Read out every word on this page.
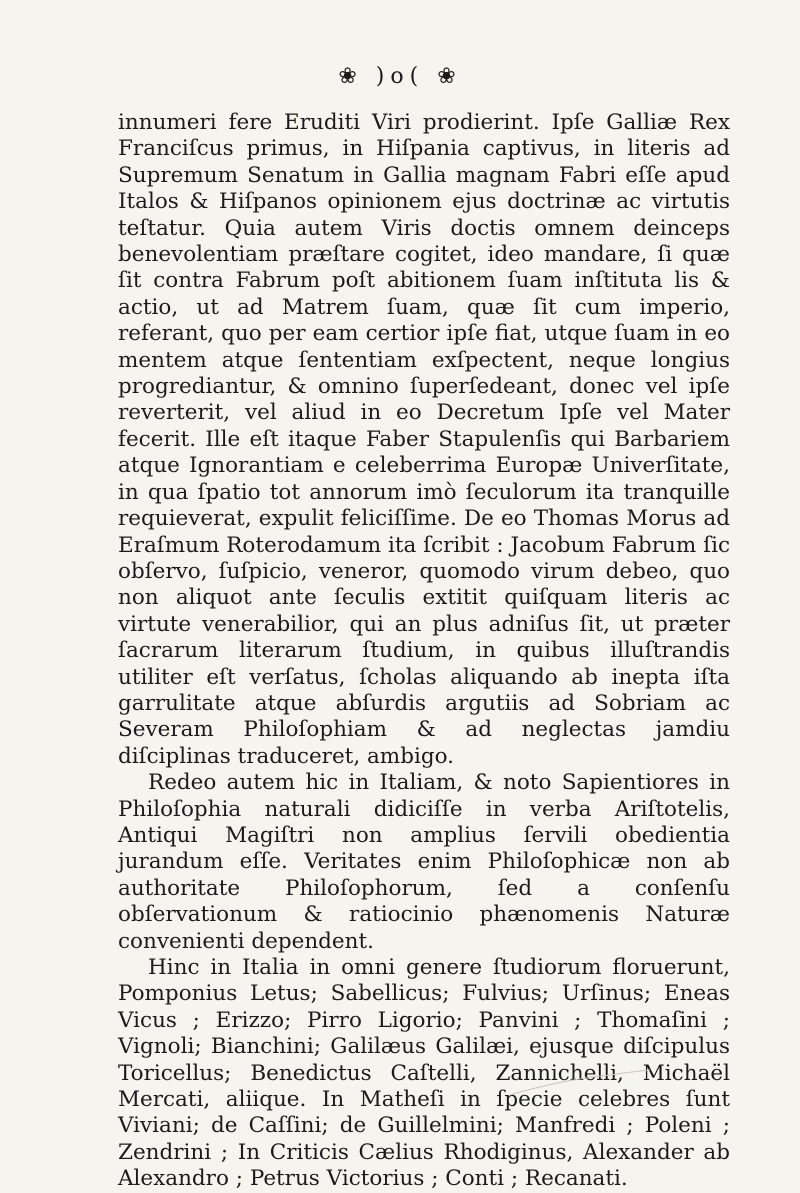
❀ )o( ❀

innumeri fere Eruditi Viri prodierint. Ipſe Galliæ Rex Franciſcus primus, in Hiſpania captivus, in literis ad Supremum Senatum in Gallia magnam Fabri eſſe apud Italos & Hiſpanos opinionem ejus doctrinæ ac virtutis teſtatur. Quia autem Viris doctis omnem deinceps benevolentiam præſtare cogitet, ideo mandare, ſi quæ ſit contra Fabrum poſt abitionem ſuam inſtituta lis & actio, ut ad Matrem ſuam, quæ ſit cum imperio, referant, quo per eam certior ipſe fiat, utque ſuam in eo mentem atque ſententiam exſpectent, neque longius progrediantur, & omnino ſuperſedeant, donec vel ipſe reverterit, vel aliud in eo Decretum Ipſe vel Mater fecerit. Ille eſt itaque Faber Stapulenſis qui Barbariem atque Ignorantiam e celeberrima Europæ Univerſitate, in qua ſpatio tot annorum imò ſeculorum ita tranquille requieverat, expulit feliciſſime. De eo Thomas Morus ad Eraſmum Roterodamum ita ſcribit : Jacobum Fabrum ſic obſervo, ſuſpicio, veneror, quomodo virum debeo, quo non aliquot ante ſeculis extitit quiſquam literis ac virtute venerabilior, qui an plus adniſus ſit, ut præter ſacrarum literarum ſtudium, in quibus illuſtrandis utiliter eſt verſatus, ſcholas aliquando ab inepta iſta garrulitate atque abſurdis argutiis ad Sobriam ac Severam Philoſophiam & ad neglectas jamdiu diſciplinas traduceret, ambigo.

Redeo autem hic in Italiam, & noto Sapientiores in Philoſophia naturali didiciſſe in verba Ariſtotelis, Antiqui Magiſtri non amplius ſervili obedientia jurandum eſſe. Veritates enim Philoſophicæ non ab authoritate Philoſophorum, ſed a conſenſu obſervationum & ratiocinio phænomenis Naturæ convenienti dependent.

Hinc in Italia in omni genere ſtudiorum floruerunt, Pomponius Letus; Sabellicus; Fulvius; Urſinus; Eneas Vicus ; Erizzo; Pirro Ligorio; Panvini ; Thomaſini ; Vignoli; Bianchini; Galilæus Galilæi, ejusque diſcipulus Toricellus; Benedictus Caſtelli, Zannichelli, Michaël Mercati, aliique. In Matheſi in ſpecie celebres ſunt Viviani; de Caſſini; de Guillelmini; Manfredi ; Poleni ; Zendrini ; In Criticis Cælius Rhodiginus, Alexander ab Alexandro ; Petrus Victorius ; Conti ; Recanati.
